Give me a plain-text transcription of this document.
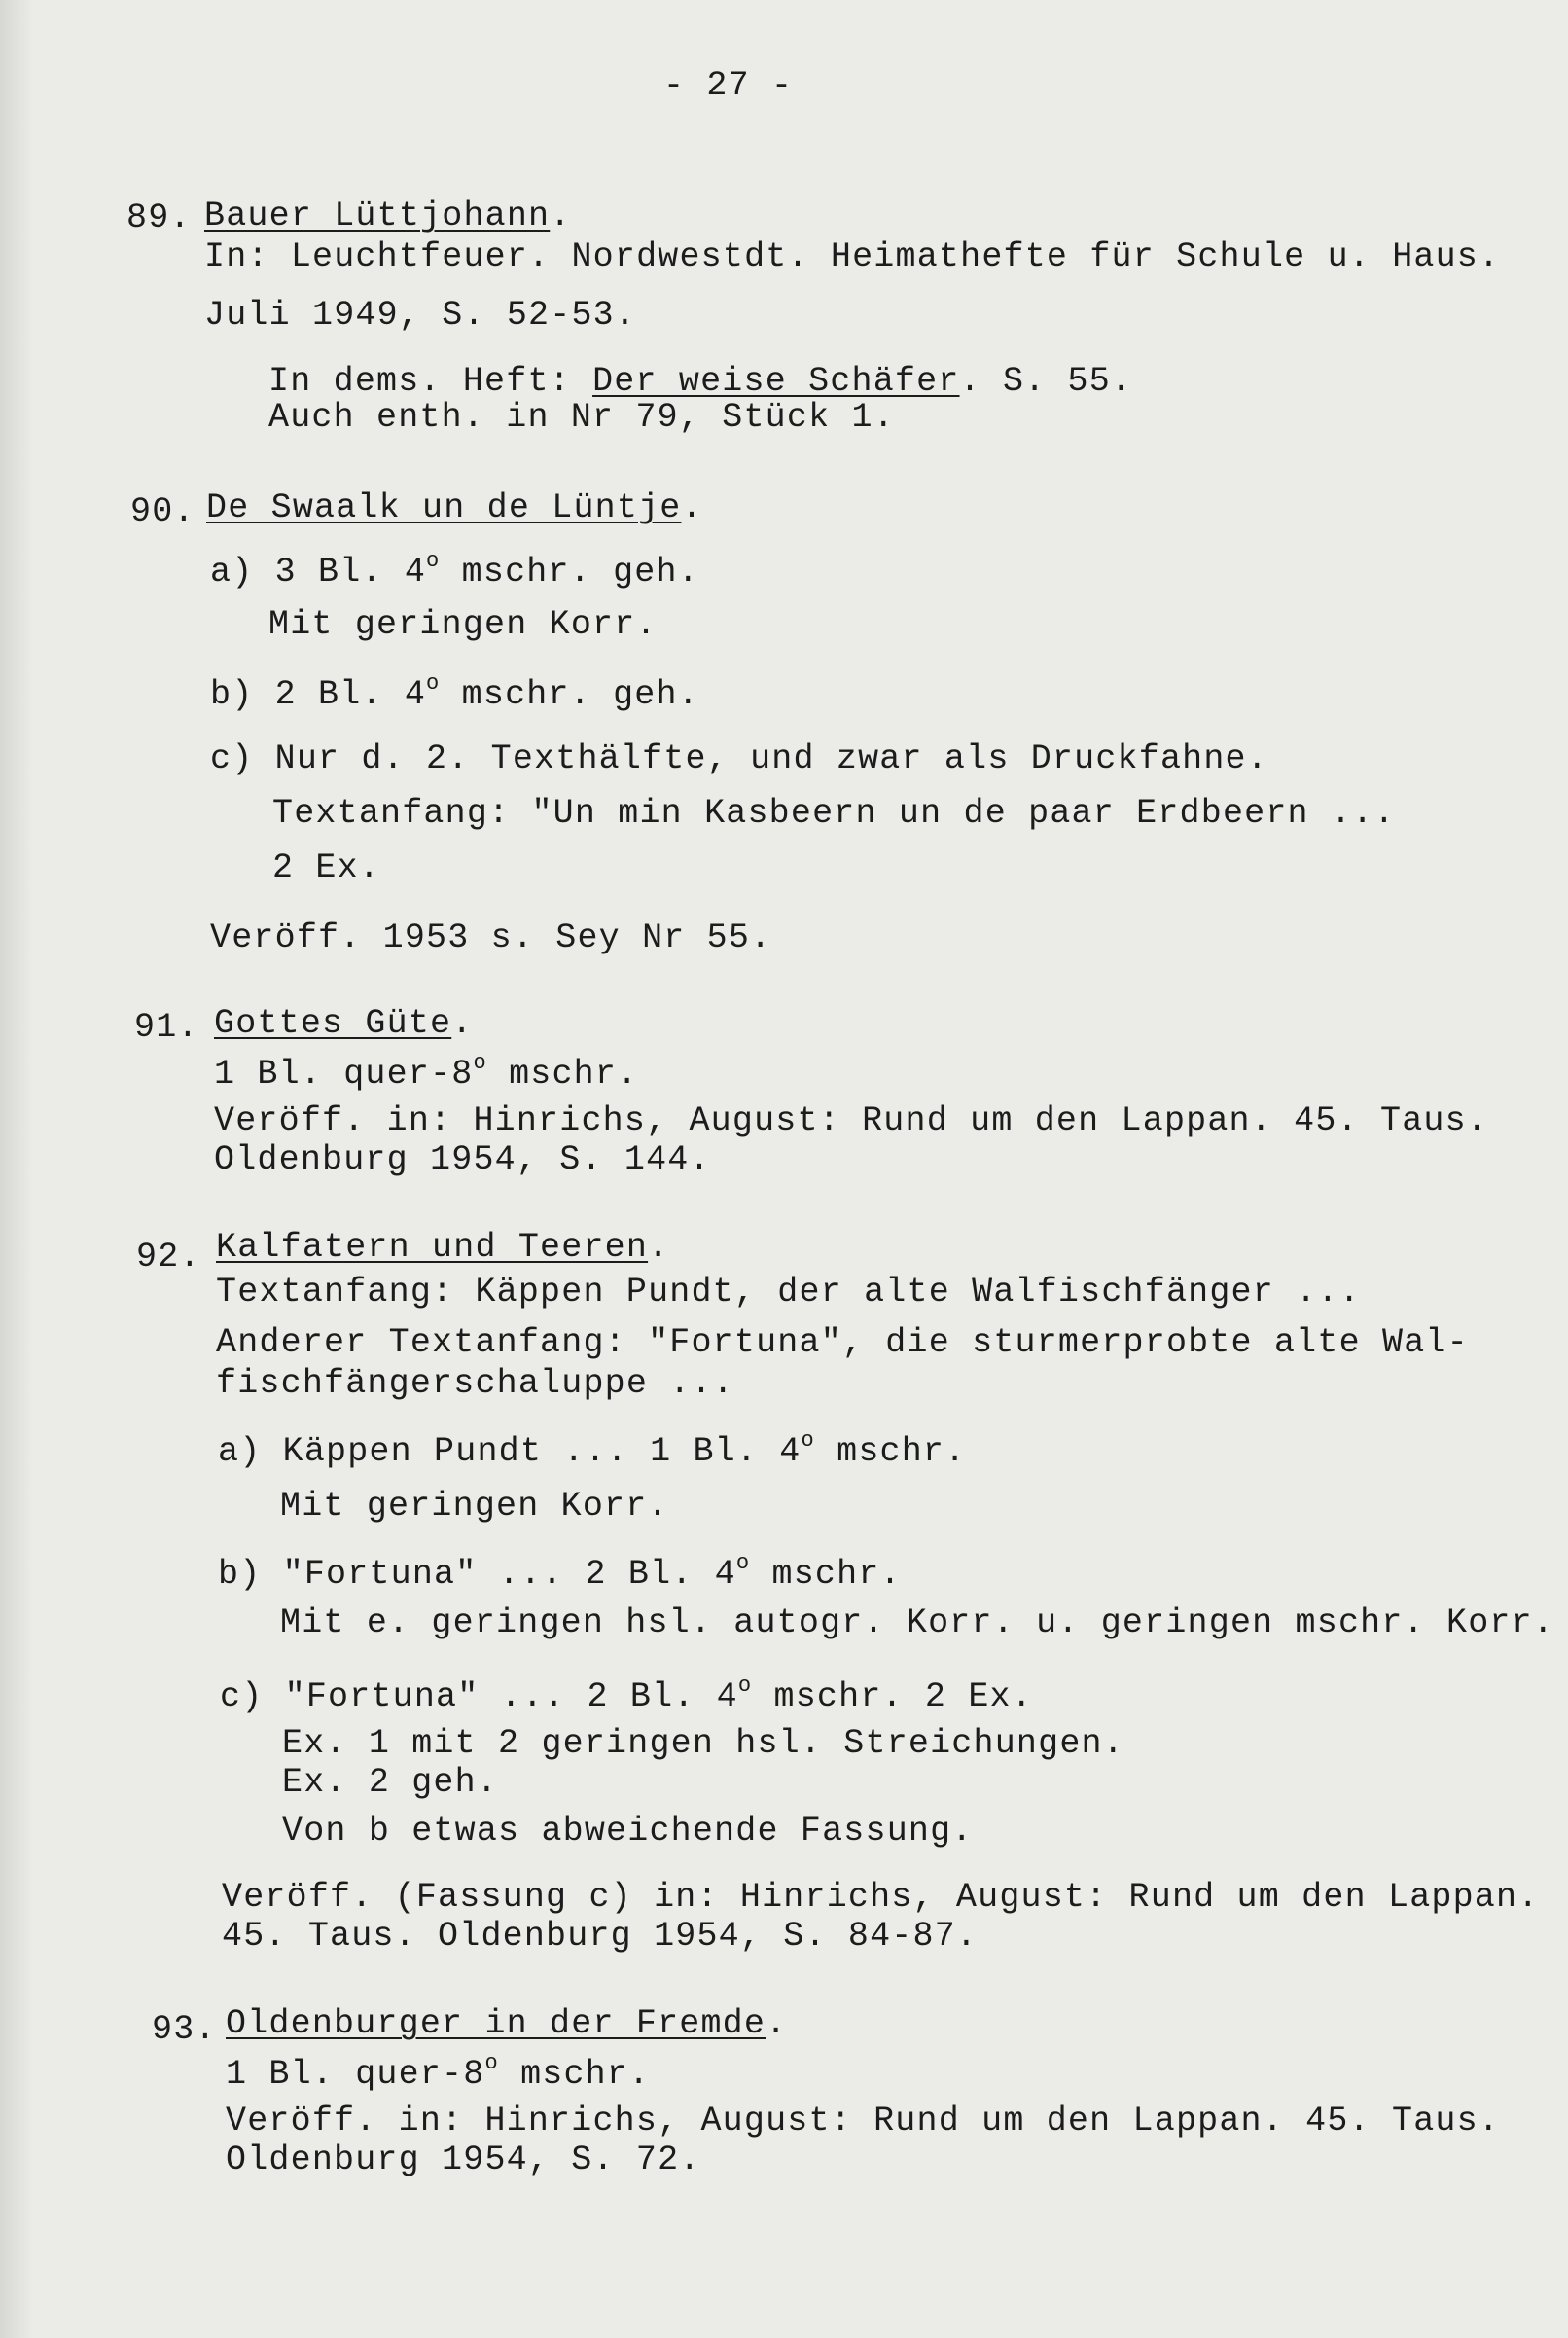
- 27 -
89. Bauer Lüttjohann.
In: Leuchtfeuer. Nordwestdt. Heimathefte für Schule u. Haus.
Juli 1949, S. 52-53.
In dems. Heft: Der weise Schäfer. S. 55.
Auch enth. in Nr 79, Stück 1.
90. De Swaalk un de Lüntje.
a) 3 Bl. 4$^o$ mschr. geh.
Mit geringen Korr.
b) 2 Bl. 4$^o$ mschr. geh.
c) Nur d. 2. Texthälfte, und zwar als Druckfahne.
Textanfang: "Un min Kasbeern un de paar Erdbeern ...
2 Ex.
Veröff. 1953 s. Sey Nr 55.
91. Gottes Güte.
1 Bl. quer-8$^o$ mschr.
Veröff. in: Hinrichs, August: Rund um den Lappan. 45. Taus.
Oldenburg 1954, S. 144.
92. Kalfatern und Teeren.
Textanfang: Käppen Pundt, der alte Walfischfänger ...
Anderer Textanfang: "Fortuna", die sturmerprobte alte Wal-
fischfängerschaluppe ...
a) Käppen Pundt ... 1 Bl. 4$^o$ mschr.
Mit geringen Korr.
b) "Fortuna" ... 2 Bl. 4$^o$ mschr.
Mit e. geringen hsl. autogr. Korr. u. geringen mschr. Korr.
c) "Fortuna" ... 2 Bl. 4$^o$ mschr. 2 Ex.
Ex. 1 mit 2 geringen hsl. Streichungen.
Ex. 2 geh.
Von b etwas abweichende Fassung.
Veröff. (Fassung c) in: Hinrichs, August: Rund um den Lappan.
45. Taus. Oldenburg 1954, S. 84-87.
93. Oldenburger in der Fremde.
1 Bl. quer-8$^o$ mschr.
Veröff. in: Hinrichs, August: Rund um den Lappan. 45. Taus.
Oldenburg 1954, S. 72.
